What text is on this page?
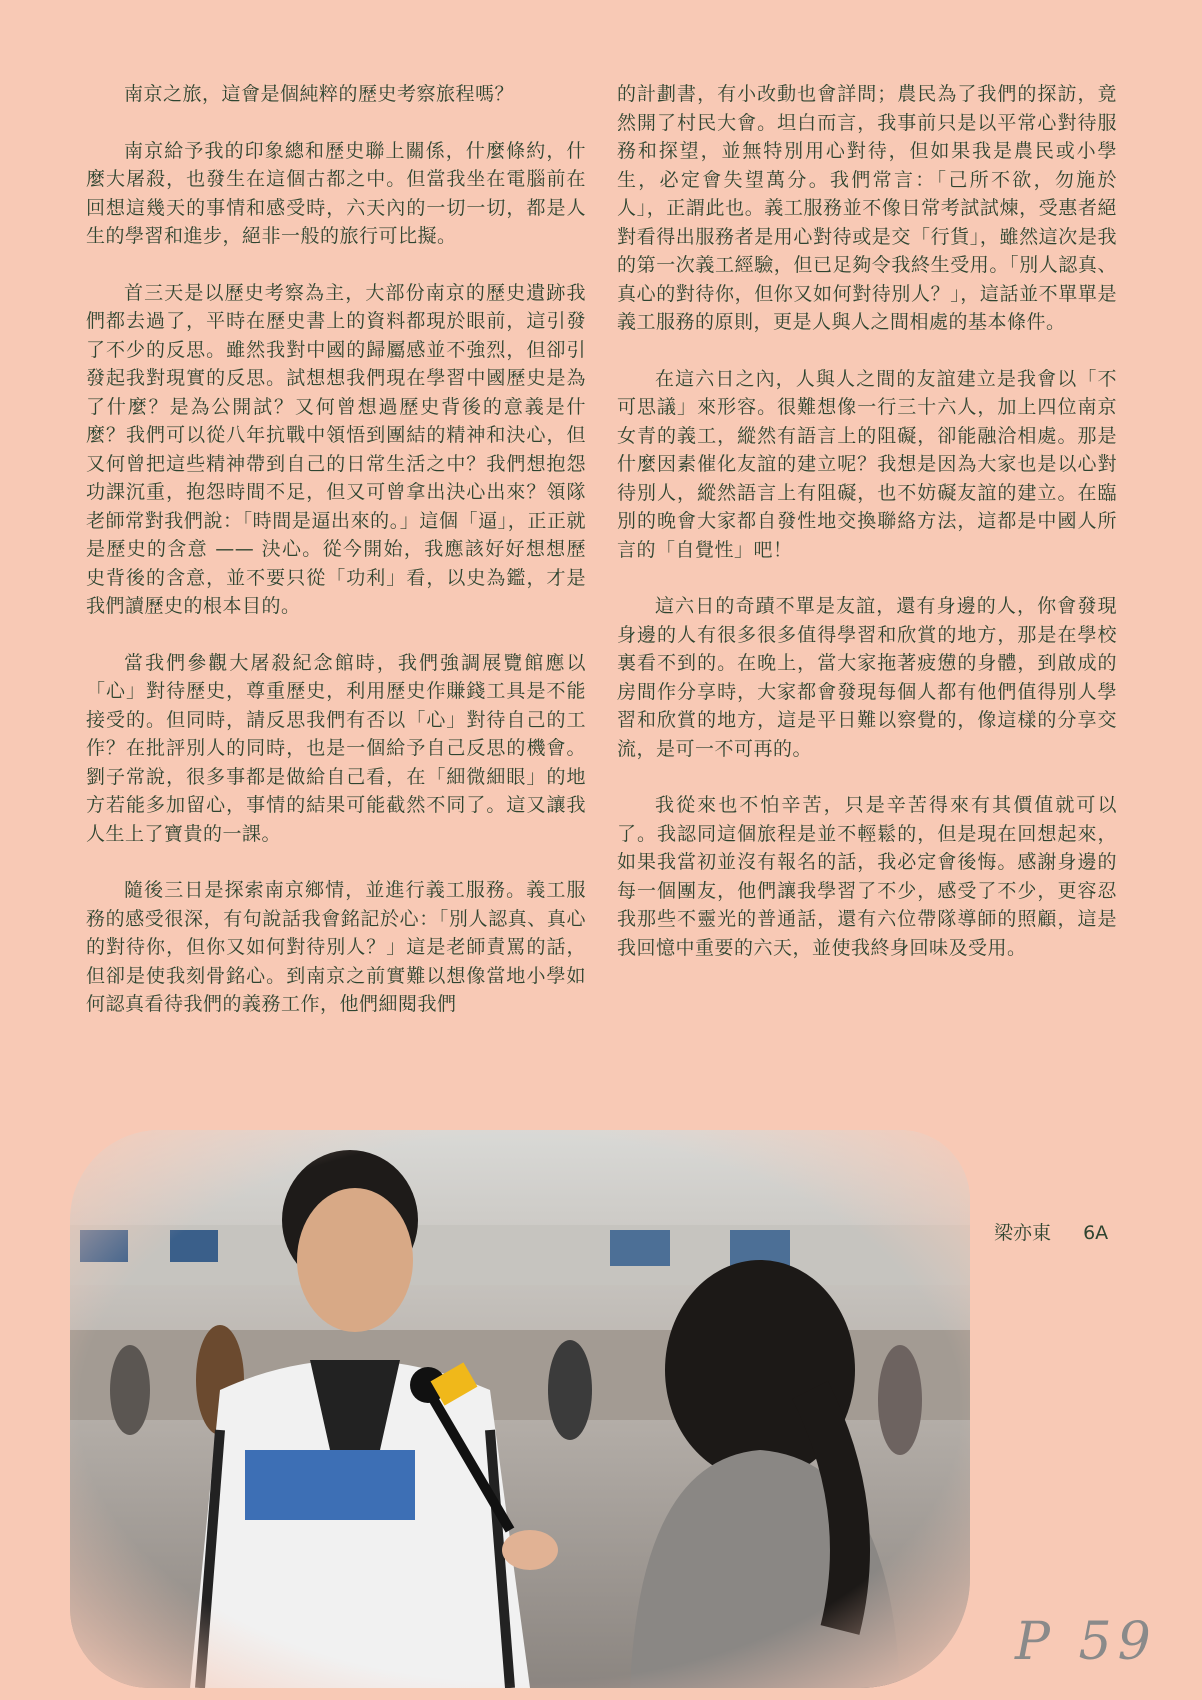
南京之旅，這會是個純粹的歷史考察旅程嗎？

南京給予我的印象總和歷史聯上關係，什麼條約，什麼大屠殺，也發生在這個古都之中。但當我坐在電腦前在回想這幾天的事情和感受時，六天內的一切一切，都是人生的學習和進步，絕非一般的旅行可比擬。

首三天是以歷史考察為主，大部份南京的歷史遺跡我們都去過了，平時在歷史書上的資料都現於眼前，這引發了不少的反思。雖然我對中國的歸屬感並不強烈，但卻引發起我對現實的反思。試想想我們現在學習中國歷史是為了什麼？是為公開試？又何曾想過歷史背後的意義是什麼？我們可以從八年抗戰中領悟到團結的精神和決心，但又何曾把這些精神帶到自己的日常生活之中？我們想抱怨功課沉重，抱怨時間不足，但又可曾拿出決心出來？領隊老師常對我們說：「時間是逼出來的。」這個「逼」，正正就是歷史的含意 —— 決心。從今開始，我應該好好想想歷史背後的含意，並不要只從「功利」看，以史為鑑，才是我們讀歷史的根本目的。

當我們參觀大屠殺紀念館時，我們強調展覽館應以「心」對待歷史，尊重歷史，利用歷史作賺錢工具是不能接受的。但同時，請反思我們有否以「心」對待自己的工作？在批評別人的同時，也是一個給予自己反思的機會。劉子常說，很多事都是做給自己看，在「細微細眼」的地方若能多加留心，事情的結果可能截然不同了。這又讓我人生上了寶貴的一課。

隨後三日是探索南京鄉情，並進行義工服務。義工服務的感受很深，有句說話我會銘記於心：「別人認真、真心的對待你，但你又如何對待別人？」這是老師責罵的話，但卻是使我刻骨銘心。到南京之前實難以想像當地小學如何認真看待我們的義務工作，他們細閱我們

的計劃書，有小改動也會詳問；農民為了我們的探訪，竟然開了村民大會。坦白而言，我事前只是以平常心對待服務和探望，並無特別用心對待，但如果我是農民或小學生，必定會失望萬分。我們常言：「己所不欲，勿施於人」，正謂此也。義工服務並不像日常考試試煉，受惠者絕對看得出服務者是用心對待或是交「行貨」，雖然這次是我的第一次義工經驗，但已足夠令我終生受用。「別人認真、真心的對待你，但你又如何對待別人？」，這話並不單單是義工服務的原則，更是人與人之間相處的基本條件。

在這六日之內，人與人之間的友誼建立是我會以「不可思議」來形容。很難想像一行三十六人，加上四位南京女青的義工，縱然有語言上的阻礙，卻能融洽相處。那是什麼因素催化友誼的建立呢？我想是因為大家也是以心對待別人，縱然語言上有阻礙，也不妨礙友誼的建立。在臨別的晚會大家都自發性地交換聯絡方法，這都是中國人所言的「自覺性」吧！

這六日的奇蹟不單是友誼，還有身邊的人，你會發現身邊的人有很多很多值得學習和欣賞的地方，那是在學校裏看不到的。在晚上，當大家拖著疲憊的身體，到啟成的房間作分享時，大家都會發現每個人都有他們值得別人學習和欣賞的地方，這是平日難以察覺的，像這樣的分享交流，是可一不可再的。

我從來也不怕辛苦，只是辛苦得來有其價值就可以了。我認同這個旅程是並不輕鬆的，但是現在回想起來，如果我當初並沒有報名的話，我必定會後悔。感謝身邊的每一個團友，他們讓我學習了不少，感受了不少，更容忍我那些不靈光的普通話，還有六位帶隊導師的照顧，這是我回憶中重要的六天，並使我終身回味及受用。

梁亦東 6A
P 59
